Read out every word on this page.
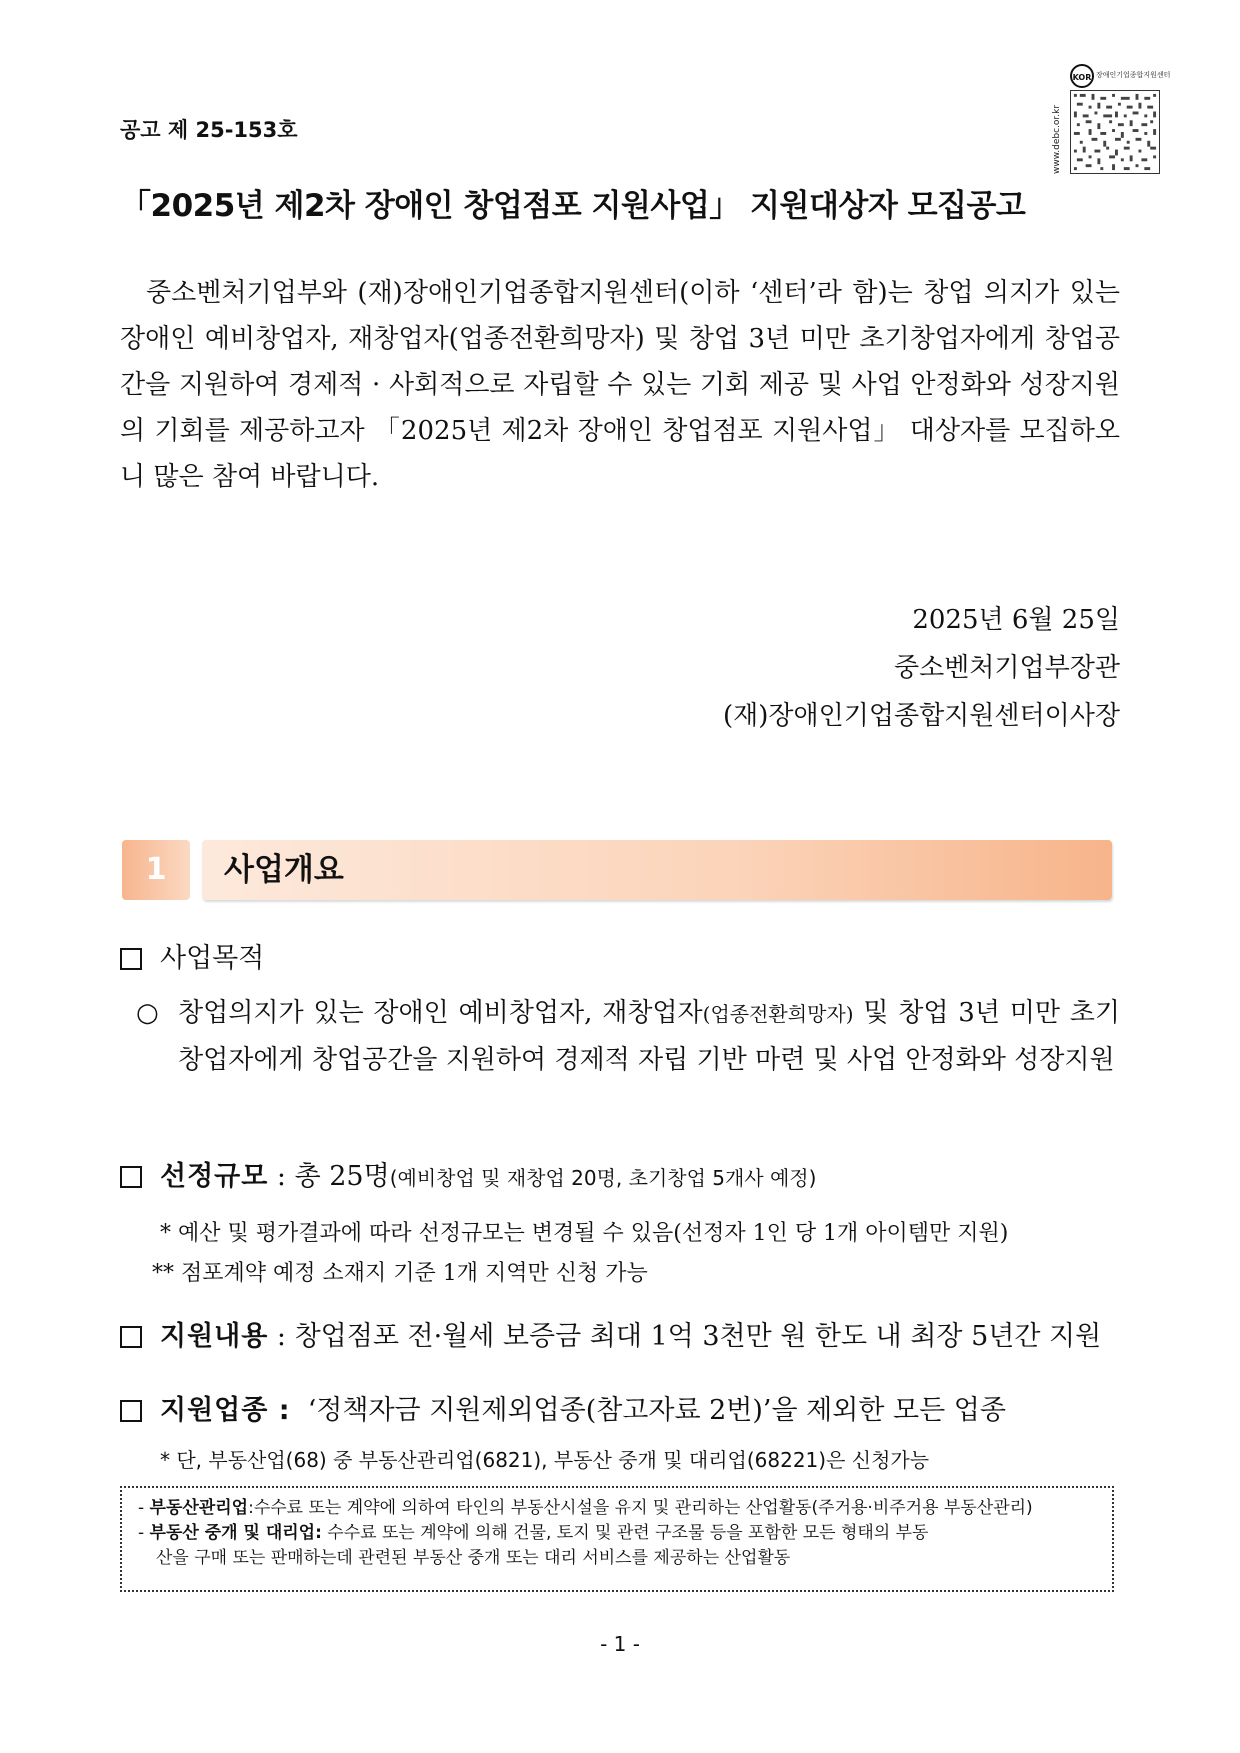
공고 제 25-153호	www.debc.or.kr
KOR 장애인기업종합지원센터
「2025년 제2차 장애인 창업점포 지원사업」 지원대상자 모집공고

중소벤처기업부와 (재)장애인기업종합지원센터(이하 ‘센터’라 함)는 창업 의지가 있는 장애인 예비창업자, 재창업자(업종전환희망자) 및 창업 3년 미만 초기창업자에게 창업공간을 지원하여 경제적 · 사회적으로 자립할 수 있는 기회 제공 및 사업 안정화와 성장지원의 기회를 제공하고자 「2025년 제2차 장애인 창업점포 지원사업」 대상자를 모집하오니 많은 참여 바랍니다.

2025년 6월 25일
중소벤처기업부장관
(재)장애인기업종합지원센터이사장
1	사업개요
사업목적
○ 창업의지가 있는 장애인 예비창업자, 재창업자(업종전환희망자) 및 창업 3년 미만 초기창업자에게 창업공간을 지원하여 경제적 자립 기반 마련 및 사업 안정화와 성장지원
선정규모 : 총 25명(예비창업 및 재창업 20명, 초기창업 5개사 예정)
* 예산 및 평가결과에 따라 선정규모는 변경될 수 있음(선정자 1인 당 1개 아이템만 지원)
** 점포계약 예정 소재지 기준 1개 지역만 신청 가능
지원내용 : 창업점포 전·월세 보증금 최대 1억 3천만 원 한도 내 최장 5년간 지원
지원업종 : ‘정책자금 지원제외업종(참고자료 2번)’을 제외한 모든 업종
* 단, 부동산업(68) 중 부동산관리업(6821), 부동산 중개 및 대리업(68221)은 신청가능
- 부동산관리업:수수료 또는 계약에 의하여 타인의 부동산시설을 유지 및 관리하는 산업활동(주거용·비주거용 부동산관리)
- 부동산 중개 및 대리업: 수수료 또는 계약에 의해 건물, 토지 및 관련 구조물 등을 포함한 모든 형태의 부동
산을 구매 또는 판매하는데 관련된 부동산 중개 또는 대리 서비스를 제공하는 산업활동
- 1 -
